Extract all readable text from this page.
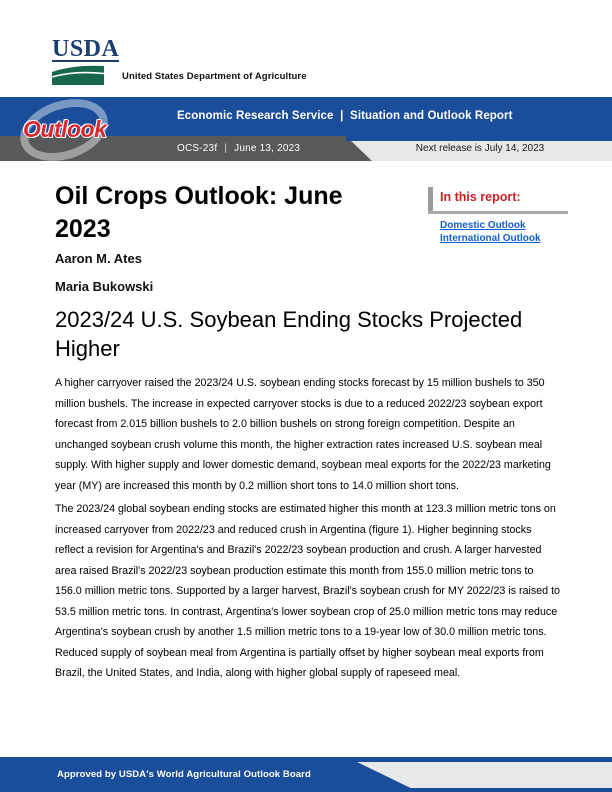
USDA
United States Department of Agriculture
Economic Research Service  |  Situation and Outlook Report
OCS-23f | June 13, 2023	Next release is July 14, 2023
Outlook
Oil Crops Outlook: June 2023
Aaron M. Ates
Maria Bukowski
In this report:
Domestic Outlook
International Outlook
2023/24 U.S. Soybean Ending Stocks Projected Higher

A higher carryover raised the 2023/24 U.S. soybean ending stocks forecast by 15 million bushels to 350 million bushels. The increase in expected carryover stocks is due to a reduced 2022/23 soybean export forecast from 2.015 billion bushels to 2.0 billion bushels on strong foreign competition. Despite an unchanged soybean crush volume this month, the higher extraction rates increased U.S. soybean meal supply. With higher supply and lower domestic demand, soybean meal exports for the 2022/23 marketing year (MY) are increased this month by 0.2 million short tons to 14.0 million short tons.

The 2023/24 global soybean ending stocks are estimated higher this month at 123.3 million metric tons on increased carryover from 2022/23 and reduced crush in Argentina (figure 1). Higher beginning stocks reflect a revision for Argentina's and Brazil's 2022/23 soybean production and crush. A larger harvested area raised Brazil's 2022/23 soybean production estimate this month from 155.0 million metric tons to 156.0 million metric tons. Supported by a larger harvest, Brazil's soybean crush for MY 2022/23 is raised to 53.5 million metric tons. In contrast, Argentina's lower soybean crop of 25.0 million metric tons may reduce Argentina's soybean crush by another 1.5 million metric tons to a 19-year low of 30.0 million metric tons. Reduced supply of soybean meal from Argentina is partially offset by higher soybean meal exports from Brazil, the United States, and India, along with higher global supply of rapeseed meal.

Approved by USDA's World Agricultural Outlook Board
